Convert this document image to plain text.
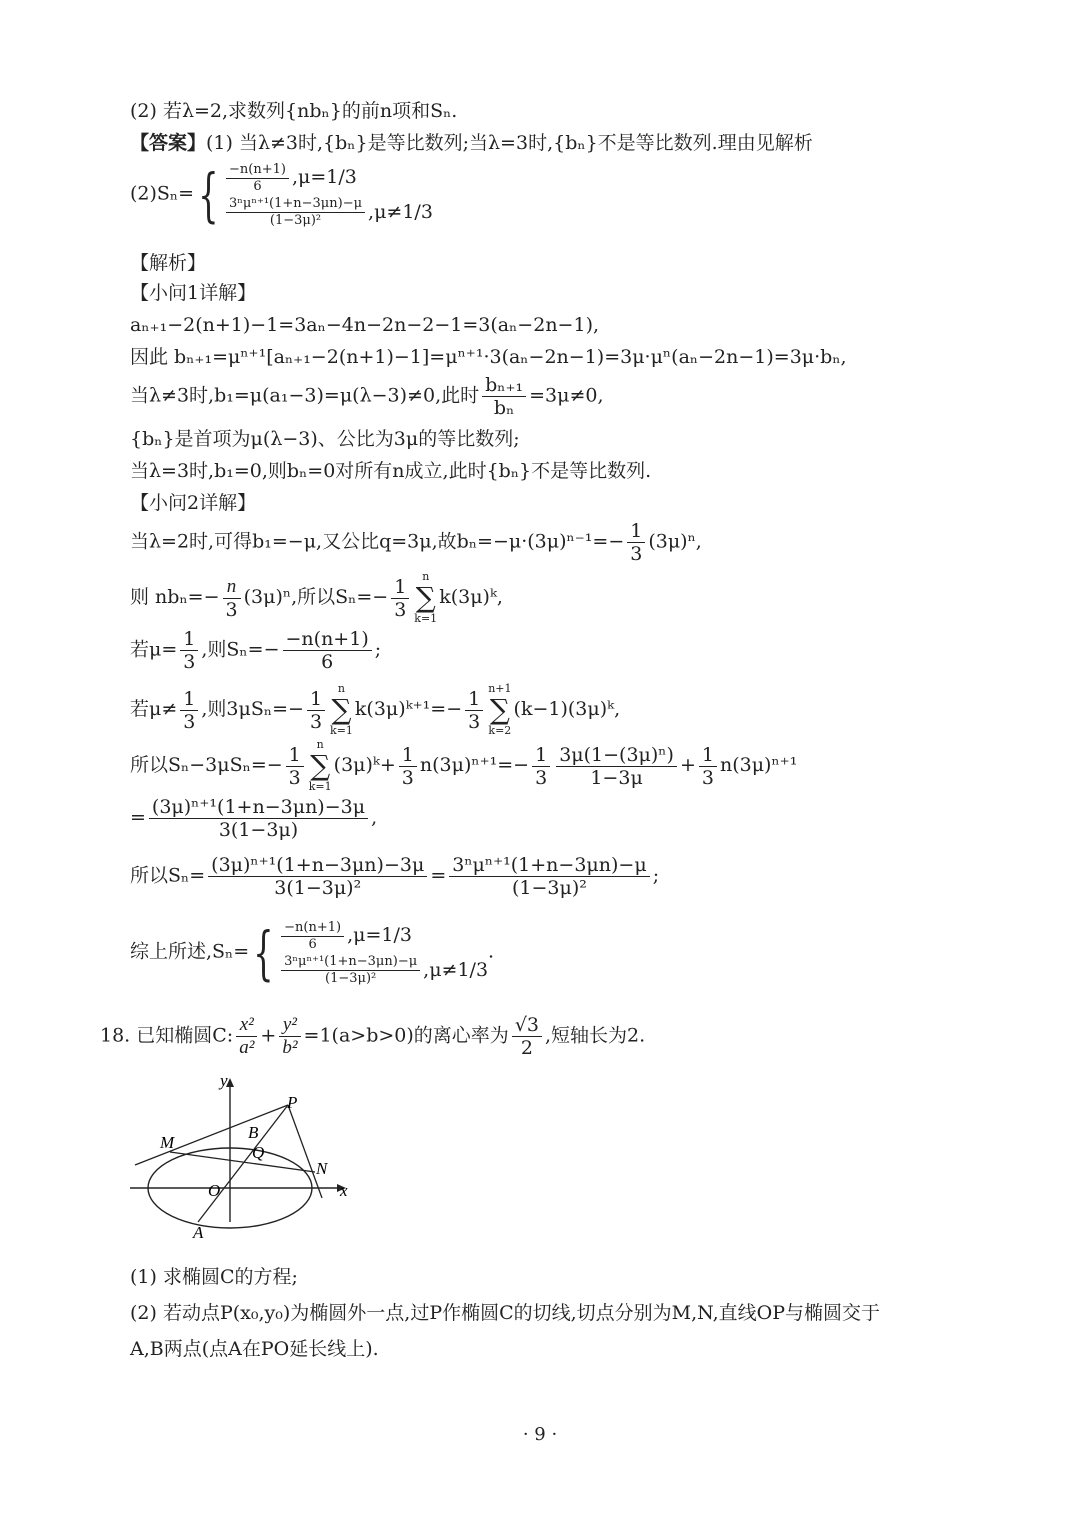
(2) 若λ=2,求数列{nbₙ}的前n项和Sₙ.
【答案】(1) 当λ≠3时,{bₙ}是等比数列;当λ=3时,{bₙ}不是等比数列.理由见解析
$(2)S_n=\{ \frac{-n(n+1)}{6} ,\mu=1/3$
$\frac{\text{3ⁿμⁿ⁺¹(1+n−3μn)−μ}}{\text{(1−3μ)²}} ,\mu\ne 1/3$
【解析】
【小问1详解】
aₙ₊₁−2(n+1)−1=3aₙ−4n−2n−2−1=3(aₙ−2n−1),
因此 bₙ₊₁=μⁿ⁺¹[aₙ₊₁−2(n+1)−1]=μⁿ⁺¹·3(aₙ−2n−1)=3μ·μⁿ(aₙ−2n−1)=3μ·bₙ,
当λ≠3时,b₁=μ(a₁−3)=μ(λ−3)≠0,此时 $\frac{\text{bₙ₊₁}}{\text{bₙ}} =3\mu\ne 0$,
{bₙ}是首项为μ(λ−3)、公比为3μ的等比数列;
当λ=3时,b₁=0,则bₙ=0对所有n成立,此时{bₙ}不是等比数列.
【小问2详解】
当λ=2时,可得b₁=−μ,又公比q=3μ,故$b_n=-\mu\cdot(3\mu)^{n-1}=- \frac{1}{3} (3\mu)^n$,
则 $nb_n=- \frac{n}{3} (3\mu)^n$,所以$S_n=- \frac{1}{3}$	n
∑
k=1
k(3μ)ᵏ,
若$\mu= \frac{1}{3}$ ,则$S_n=- \frac{-n(n+1)}{6}$ ;
若$\mu\ne \frac{1}{3}$ ,则$3\mu S_n=- \frac{1}{3}$	n
∑
k=1
k(3μ)ᵏ⁺¹=− $\frac{1}{3} n+1$
∑
k=2
(k−1)(3μ)ᵏ,
所以$S_n-3\mu S_n=- \frac{1}{3}$	n
∑
k=1
(3μ)ᵏ+ $\frac{1}{3} n(3\mu)^{n+1}=- \frac{1}{3} \frac{\text{3μ(1−(3μ)ⁿ)}}{1-3\mu} + \frac{1}{3} n(3\mu)^{n+1}$
= $\frac{\text{(3μ)ⁿ⁺¹(1+n−3μn)−3μ}}{3(1-3\mu)}$ ,
所以$S_n= \frac{\text{(3μ)ⁿ⁺¹(1+n−3μn)−3μ}}{\text{3(1−3μ)²}} = \frac{\text{3ⁿμⁿ⁺¹(1+n−3μn)−μ}}{\text{(1−3μ)²}}$ ;
综上所述$,S_n=\{ \frac{-n(n+1)}{6} ,\mu=1/3$
$\frac{\text{3ⁿμⁿ⁺¹(1+n−3μn)−μ}}{\text{(1−3μ)²}} ,\mu\ne 1/3$
.
18. 已知椭圆C: $\frac{\text{x²}}{\text{a²}} + \frac{\text{y²}}{\text{b²}} =1(a>b>0)$的离心率为 $\frac{√3}{2}$ ,短轴长为2.
y
x
P
M
B
Q
N
O
A
(1) 求椭圆C的方程;
(2) 若动点P(x₀,y₀)为椭圆外一点,过P作椭圆C的切线,切点分别为M,N,直线OP与椭圆交于
A,B两点(点A在PO延长线上).
· 9 ·
